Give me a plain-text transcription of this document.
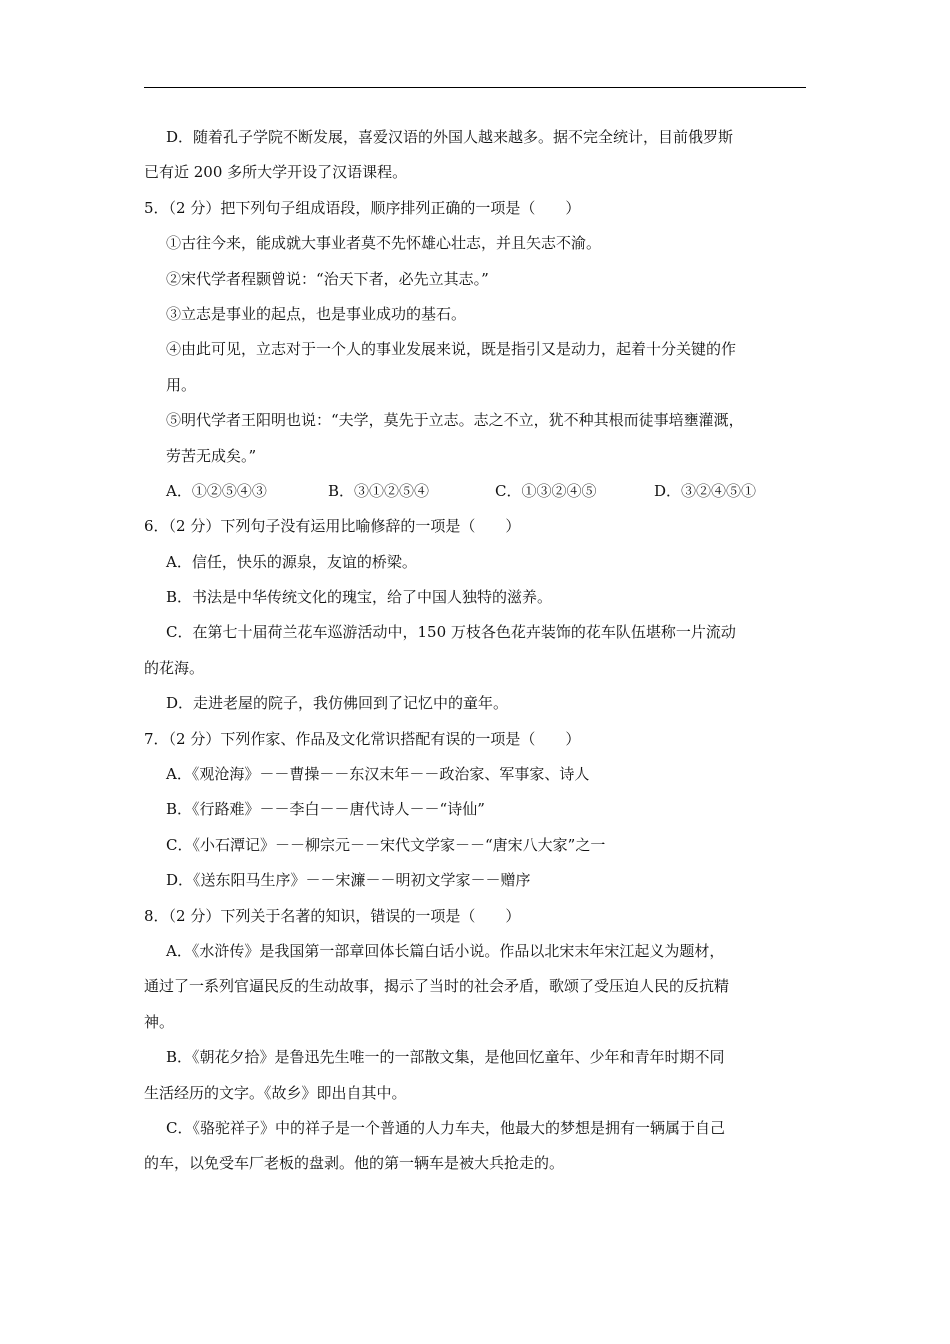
D．随着孔子学院不断发展，喜爱汉语的外国人越来越多。据不完全统计，目前俄罗斯
已有近 200 多所大学开设了汉语课程。
5．（2 分）把下列句子组成语段，顺序排列正确的一项是（　　）
①古往今来，能成就大事业者莫不先怀雄心壮志，并且矢志不渝。
②宋代学者程颢曾说：“治天下者，必先立其志。”
③立志是事业的起点，也是事业成功的基石。
④由此可见，立志对于一个人的事业发展来说，既是指引又是动力，起着十分关键的作
用。
⑤明代学者王阳明也说：“夫学，莫先于立志。志之不立，犹不种其根而徒事培壅灌溉，
劳苦无成矣。”
A．①②⑤④③	B．③①②⑤④	C．①③②④⑤	D．③②④⑤①
6．（2 分）下列句子没有运用比喻修辞的一项是（　　）
A．信任，快乐的源泉，友谊的桥梁。
B．书法是中华传统文化的瑰宝，给了中国人独特的滋养。
C．在第七十届荷兰花车巡游活动中，150 万枝各色花卉装饰的花车队伍堪称一片流动
的花海。
D．走进老屋的院子，我仿佛回到了记忆中的童年。
7．（2 分）下列作家、作品及文化常识搭配有误的一项是（　　）
A．《观沧海》－－曹操－－东汉末年－－政治家、军事家、诗人
B．《行路难》－－李白－－唐代诗人－－“诗仙”
C．《小石潭记》－－柳宗元－－宋代文学家－－“唐宋八大家”之一
D．《送东阳马生序》－－宋濂－－明初文学家－－赠序
8．（2 分）下列关于名著的知识，错误的一项是（　　）
A．《水浒传》是我国第一部章回体长篇白话小说。作品以北宋末年宋江起义为题材，
通过了一系列官逼民反的生动故事，揭示了当时的社会矛盾，歌颂了受压迫人民的反抗精
神。
B．《朝花夕拾》是鲁迅先生唯一的一部散文集，是他回忆童年、少年和青年时期不同
生活经历的文字。《故乡》即出自其中。
C．《骆驼祥子》中的祥子是一个普通的人力车夫，他最大的梦想是拥有一辆属于自己
的车，以免受车厂老板的盘剥。他的第一辆车是被大兵抢走的。
